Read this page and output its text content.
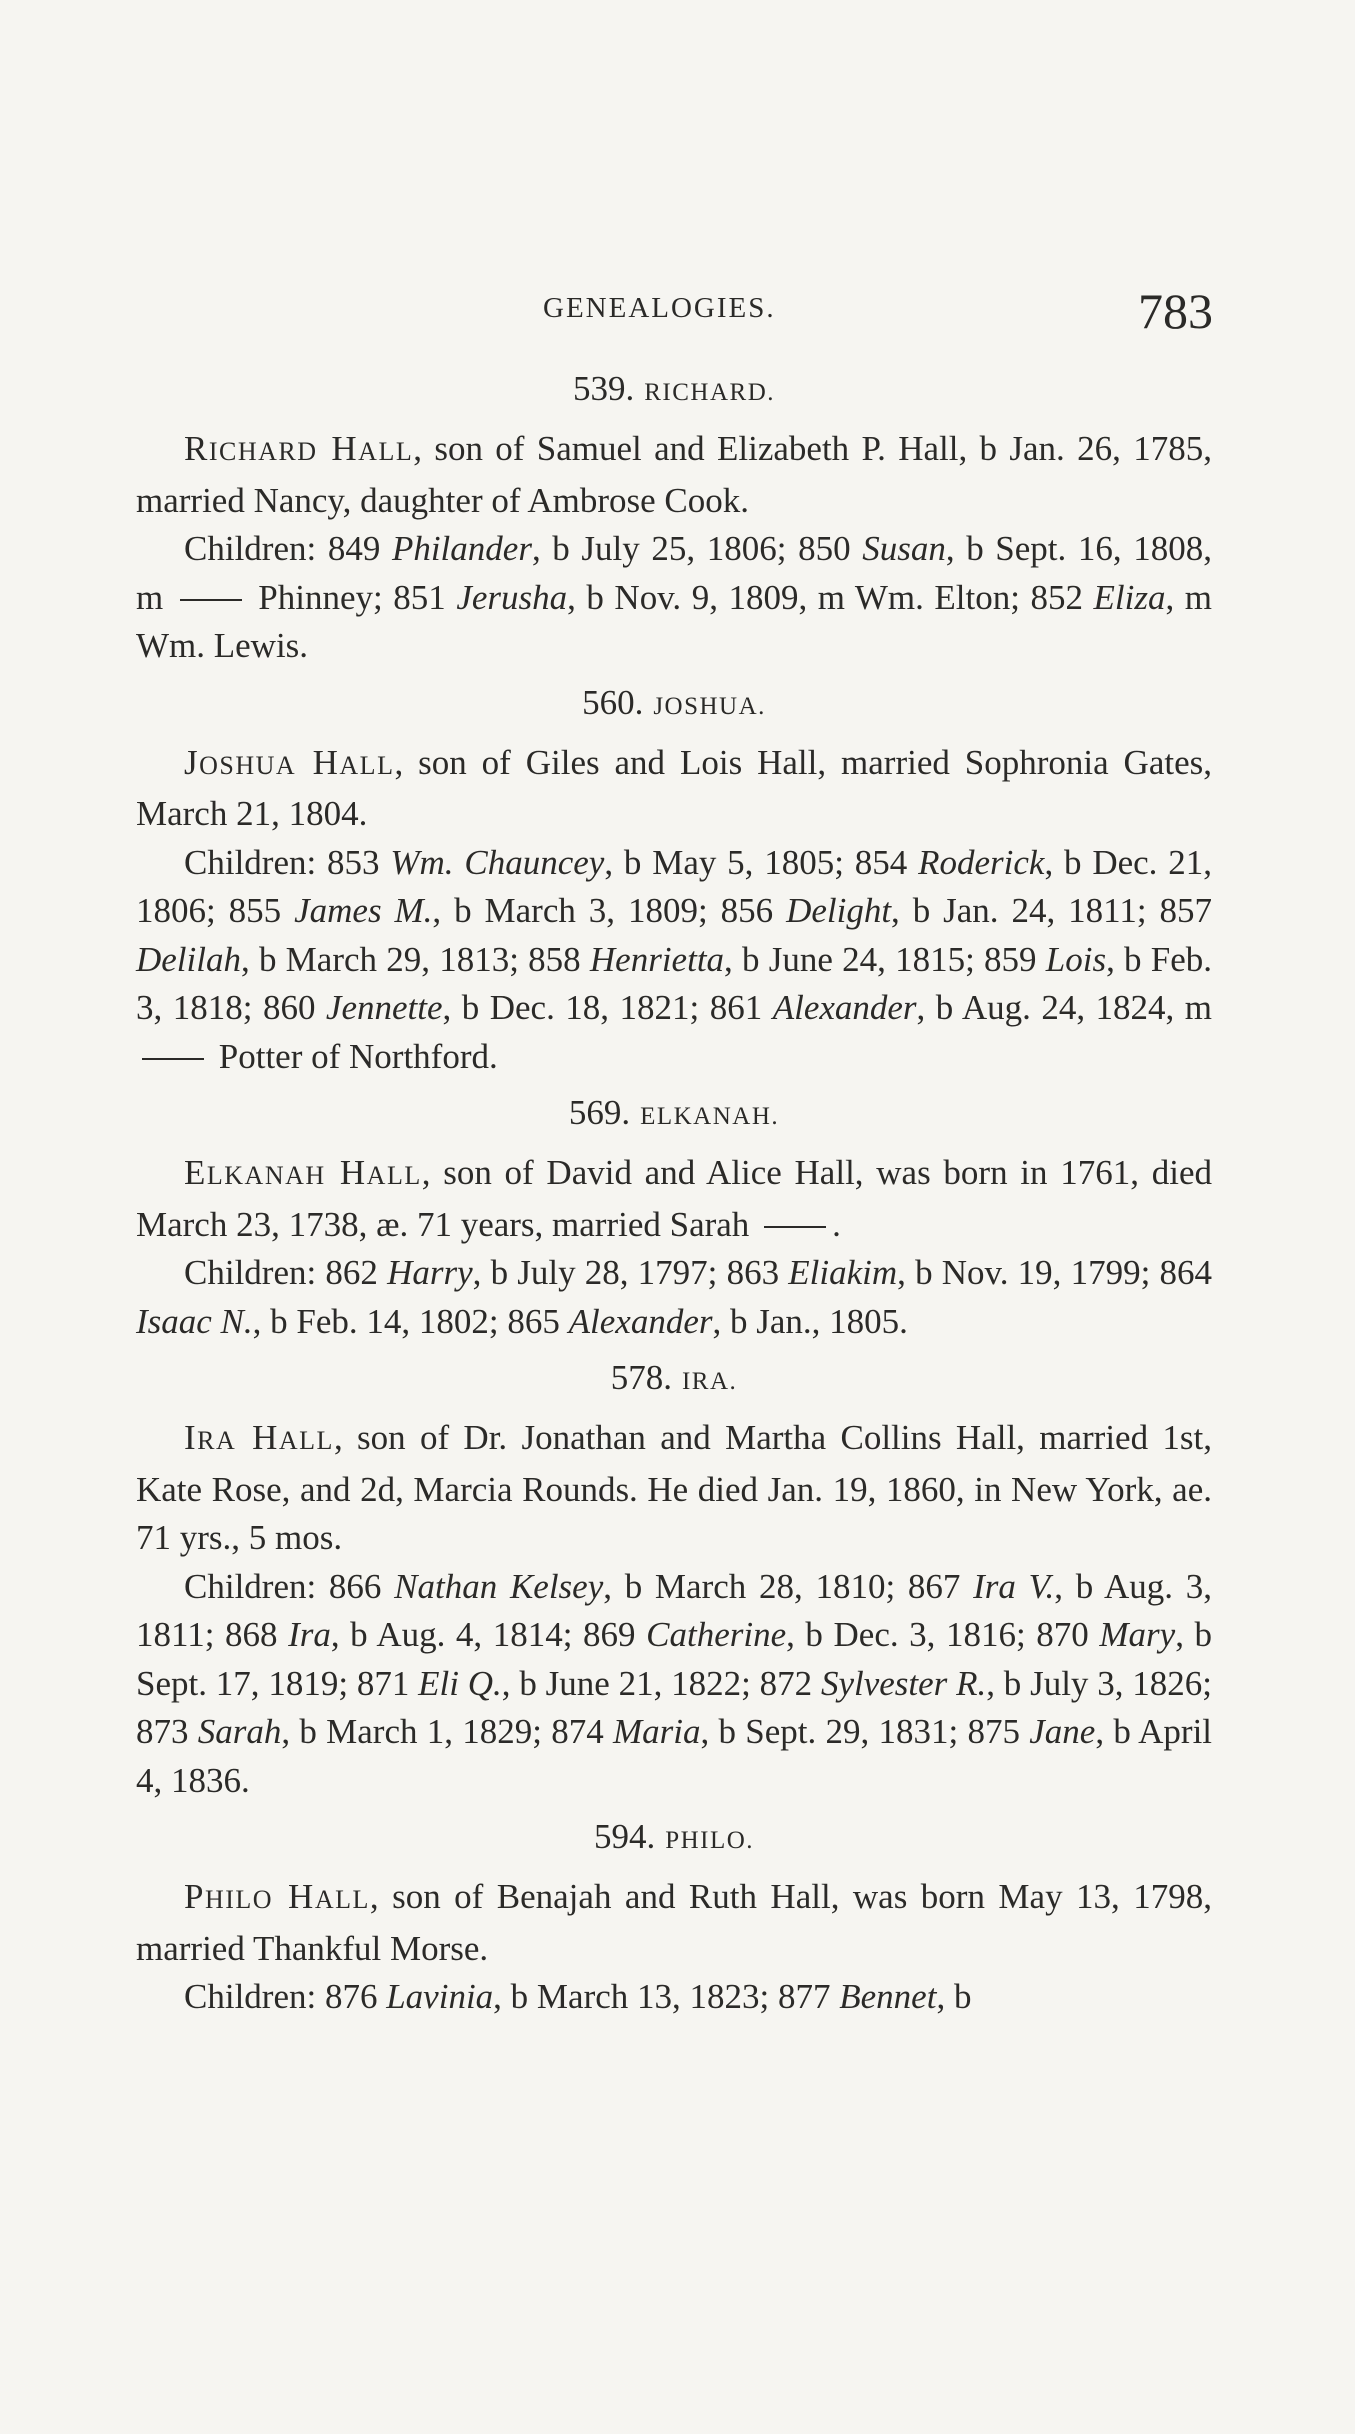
GENEALOGIES.	783
539. RICHARD.

RICHARD HALL, son of Samuel and Elizabeth P. Hall, b Jan. 26, 1785, married Nancy, daughter of Ambrose Cook.

Children: 849 Philander, b July 25, 1806; 850 Susan, b Sept. 16, 1808, m  Phinney; 851 Jerusha, b Nov. 9, 1809, m Wm. Elton; 852 Eliza, m Wm. Lewis.

560. JOSHUA.

JOSHUA HALL, son of Giles and Lois Hall, married Sophronia Gates, March 21, 1804.

Children: 853 Wm. Chauncey, b May 5, 1805; 854 Roderick, b Dec. 21, 1806; 855 James M., b March 3, 1809; 856 Delight, b Jan. 24, 1811; 857 Delilah, b March 29, 1813; 858 Henrietta, b June 24, 1815; 859 Lois, b Feb. 3, 1818; 860 Jennette, b Dec. 18, 1821; 861 Alexander, b Aug. 24, 1824, m  Potter of Northford.

569. ELKANAH.

ELKANAH HALL, son of David and Alice Hall, was born in 1761, died March 23, 1738, æ. 71 years, married Sarah .

Children: 862 Harry, b July 28, 1797; 863 Eliakim, b Nov. 19, 1799; 864 Isaac N., b Feb. 14, 1802; 865 Alexander, b Jan., 1805.

578. IRA.

IRA HALL, son of Dr. Jonathan and Martha Collins Hall, married 1st, Kate Rose, and 2d, Marcia Rounds. He died Jan. 19, 1860, in New York, ae. 71 yrs., 5 mos.

Children: 866 Nathan Kelsey, b March 28, 1810; 867 Ira V., b Aug. 3, 1811; 868 Ira, b Aug. 4, 1814; 869 Catherine, b Dec. 3, 1816; 870 Mary, b Sept. 17, 1819; 871 Eli Q., b June 21, 1822; 872 Sylvester R., b July 3, 1826; 873 Sarah, b March 1, 1829; 874 Maria, b Sept. 29, 1831; 875 Jane, b April 4, 1836.

594. PHILO.

PHILO HALL, son of Benajah and Ruth Hall, was born May 13, 1798, married Thankful Morse.

Children: 876 Lavinia, b March 13, 1823; 877 Bennet, b
